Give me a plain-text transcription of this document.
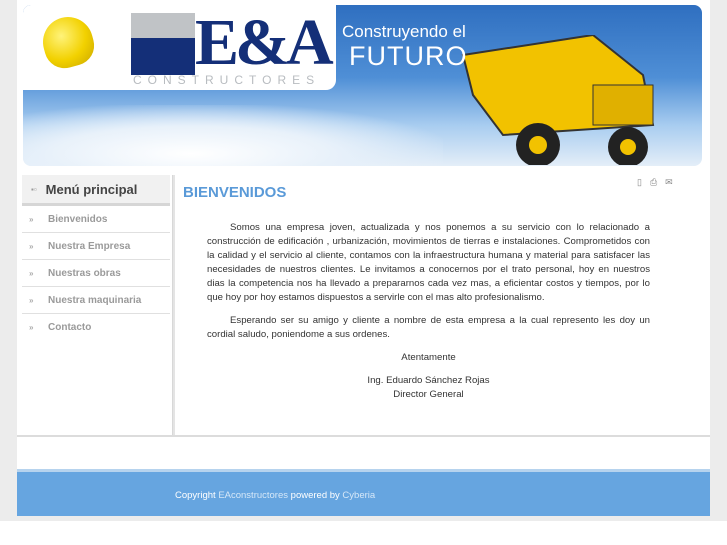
E&A
CONSTRUCTORES
Construyendo el
FUTURO
▪▫ Menú principal
»	Bienvenidos
»	Nuestra Empresa
»	Nuestras obras
»	Nuestra maquinaria
»	Contacto
BIENVENIDOS
▯ ⎙ ✉

Somos una empresa joven, actualizada y nos ponemos a su servicio con lo relacionado a construcción de edificación , urbanización, movimientos de tierras e instalaciones. Comprometidos con la calidad y el servicio al cliente, contamos con la infraestructura humana y material para satisfacer las necesidades de nuestros clientes. Le invitamos a conocernos por el trato personal, hoy en nuestros dias la competencia nos ha llevado a prepararnos cada vez mas, a eficientar costos y tiempos, por lo que hoy por hoy estamos dispuestos a servirle con el mas alto profesionalismo.

Esperando ser su amigo y cliente a nombre de esta empresa a la cual represento les doy un cordial saludo, poniendome a sus ordenes.

Atentamente

Ing. Eduardo Sánchez Rojas
Director General
Copyright EAconstructores powered by Cyberia
